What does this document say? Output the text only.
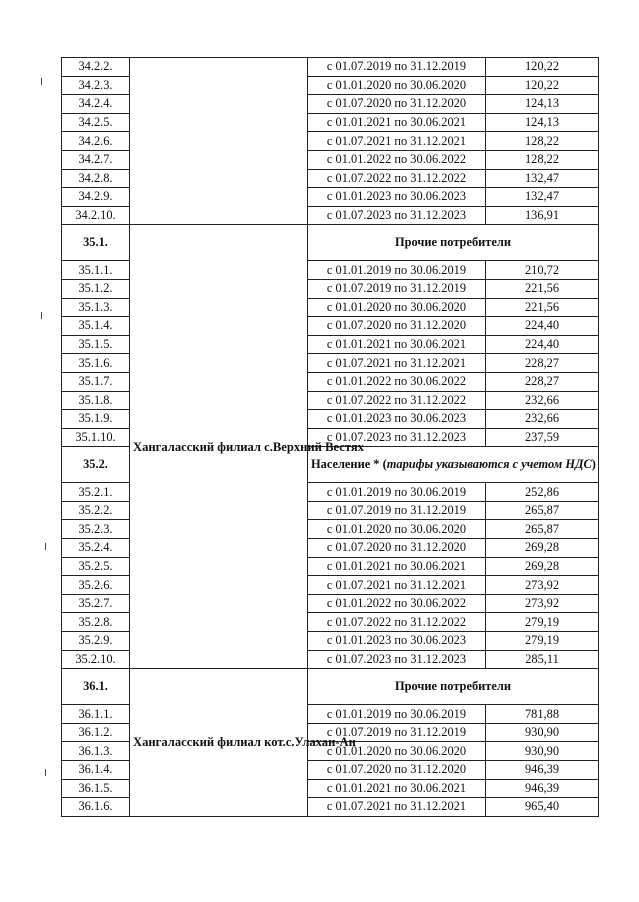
34.2.2.		с 01.07.2019 по 31.12.2019	120,22
34.2.3.		с 01.01.2020 по 30.06.2020	120,22
34.2.4.		с 01.07.2020 по 31.12.2020	124,13
34.2.5.		с 01.01.2021 по 30.06.2021	124,13
34.2.6.		с 01.07.2021 по 31.12.2021	128,22
34.2.7.		с 01.01.2022 по 30.06.2022	128,22
34.2.8.		с 01.07.2022 по 31.12.2022	132,47
34.2.9.		с 01.01.2023 по 30.06.2023	132,47
34.2.10.		с 01.07.2023 по 31.12.2023	136,91
35.1.	Хангаласский филиал с.Верхний Вестях	Прочие потребители	
35.1.1.		с 01.01.2019 по 30.06.2019	210,72
35.1.2.		с 01.07.2019 по 31.12.2019	221,56
35.1.3.		с 01.01.2020 по 30.06.2020	221,56
35.1.4.		с 01.07.2020 по 31.12.2020	224,40
35.1.5.		с 01.01.2021 по 30.06.2021	224,40
35.1.6.		с 01.07.2021 по 31.12.2021	228,27
35.1.7.		с 01.01.2022 по 30.06.2022	228,27
35.1.8.		с 01.07.2022 по 31.12.2022	232,66
35.1.9.		с 01.01.2023 по 30.06.2023	232,66
35.1.10.		с 01.07.2023 по 31.12.2023	237,59
35.2.		Население * (тарифы указываются с учетом НДС)	
35.2.1.		с 01.01.2019 по 30.06.2019	252,86
35.2.2.		с 01.07.2019 по 31.12.2019	265,87
35.2.3.		с 01.01.2020 по 30.06.2020	265,87
35.2.4.		с 01.07.2020 по 31.12.2020	269,28
35.2.5.		с 01.01.2021 по 30.06.2021	269,28
35.2.6.		с 01.07.2021 по 31.12.2021	273,92
35.2.7.		с 01.01.2022 по 30.06.2022	273,92
35.2.8.		с 01.07.2022 по 31.12.2022	279,19
35.2.9.		с 01.01.2023 по 30.06.2023	279,19
35.2.10.		с 01.07.2023 по 31.12.2023	285,11
36.1.	Хангаласский филиал кот.с.Улахан-Ан	Прочие потребители	
36.1.1.		с 01.01.2019 по 30.06.2019	781,88
36.1.2.		с 01.07.2019 по 31.12.2019	930,90
36.1.3.		с 01.01.2020 по 30.06.2020	930,90
36.1.4.		с 01.07.2020 по 31.12.2020	946,39
36.1.5.		с 01.01.2021 по 30.06.2021	946,39
36.1.6.		с 01.07.2021 по 31.12.2021	965,40
